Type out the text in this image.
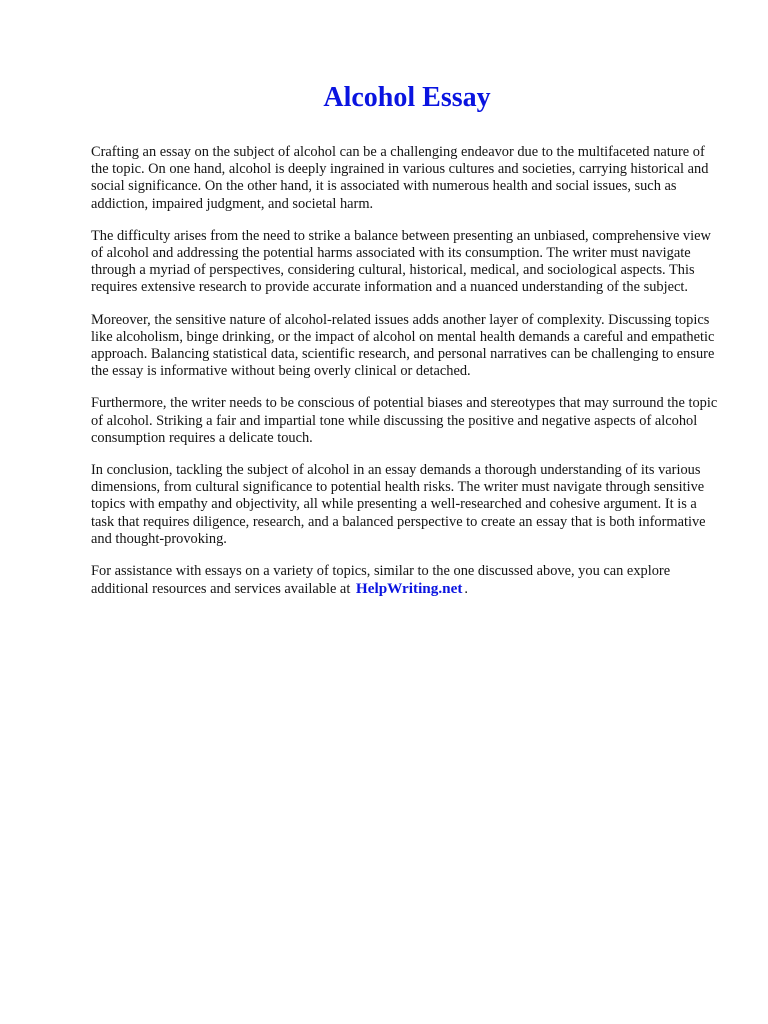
Alcohol Essay

Crafting an essay on the subject of alcohol can be a challenging endeavor due to the multifaceted nature of the topic. On one hand, alcohol is deeply ingrained in various cultures and societies, carrying historical and social significance. On the other hand, it is associated with numerous health and social issues, such as addiction, impaired judgment, and societal harm.

The difficulty arises from the need to strike a balance between presenting an unbiased, comprehensive view of alcohol and addressing the potential harms associated with its consumption. The writer must navigate through a myriad of perspectives, considering cultural, historical, medical, and sociological aspects. This requires extensive research to provide accurate information and a nuanced understanding of the subject.

Moreover, the sensitive nature of alcohol-related issues adds another layer of complexity. Discussing topics like alcoholism, binge drinking, or the impact of alcohol on mental health demands a careful and empathetic approach. Balancing statistical data, scientific research, and personal narratives can be challenging to ensure the essay is informative without being overly clinical or detached.

Furthermore, the writer needs to be conscious of potential biases and stereotypes that may surround the topic of alcohol. Striking a fair and impartial tone while discussing the positive and negative aspects of alcohol consumption requires a delicate touch.

In conclusion, tackling the subject of alcohol in an essay demands a thorough understanding of its various dimensions, from cultural significance to potential health risks. The writer must navigate through sensitive topics with empathy and objectivity, all while presenting a well-researched and cohesive argument. It is a task that requires diligence, research, and a balanced perspective to create an essay that is both informative and thought-provoking.

For assistance with essays on a variety of topics, similar to the one discussed above, you can explore additional resources and services available at HelpWriting.net .
